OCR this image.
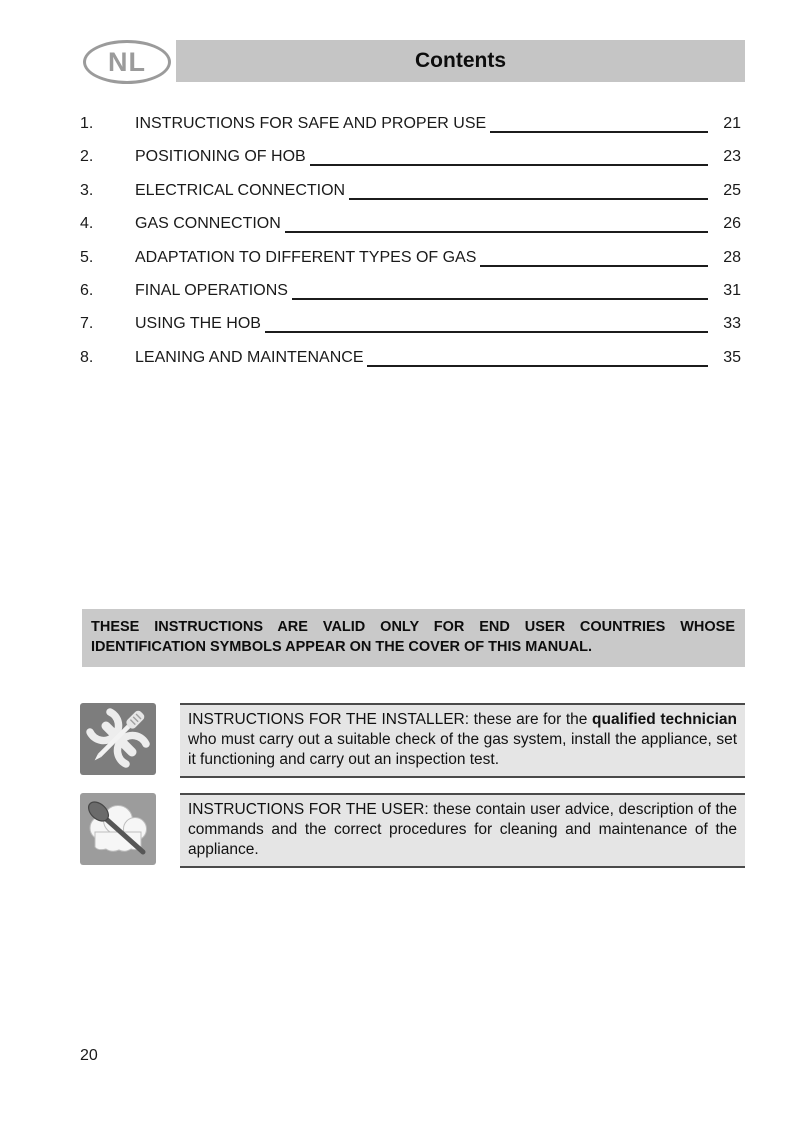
NL	Contents
1.	INSTRUCTIONS FOR SAFE AND PROPER USE	21
2.	POSITIONING OF HOB	23
3.	ELECTRICAL CONNECTION	25
4.	GAS CONNECTION	26
5.	ADAPTATION TO DIFFERENT TYPES OF GAS	28
6.	FINAL OPERATIONS	31
7.	USING THE HOB	33
8.	LEANING AND MAINTENANCE	35
THESE INSTRUCTIONS ARE VALID ONLY FOR END USER COUNTRIES WHOSE IDENTIFICATION SYMBOLS APPEAR ON THE COVER OF THIS MANUAL.
INSTRUCTIONS FOR THE INSTALLER: these are for the qualified technician who must carry out a suitable check of the gas system, install the appliance, set it functioning and carry out an inspection test.
INSTRUCTIONS FOR THE USER: these contain user advice, description of the commands and the correct procedures for cleaning and maintenance of the appliance.
20
